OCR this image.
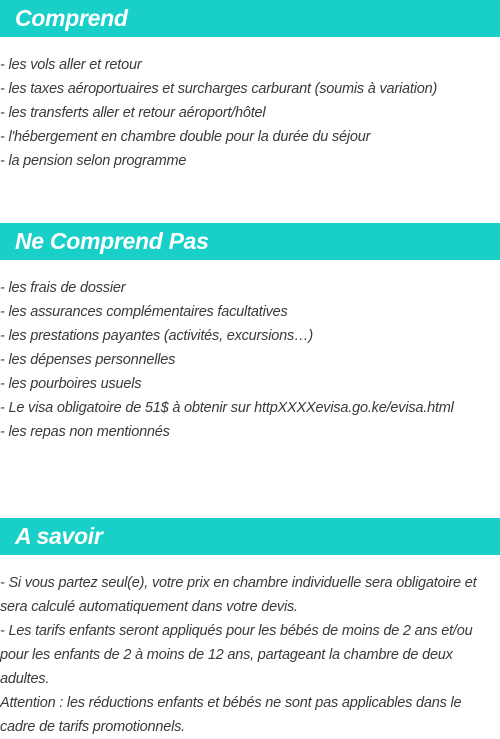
Comprend
- les vols aller et retour
- les taxes aéroportuaires et surcharges carburant (soumis à variation)
- les transferts aller et retour aéroport/hôtel
- l'hébergement en chambre double pour la durée du séjour
- la pension selon programme
Ne Comprend Pas
- les frais de dossier
- les assurances complémentaires facultatives
- les prestations payantes (activités, excursions…)
- les dépenses personnelles
- les pourboires usuels
- Le visa obligatoire de 51$ à obtenir sur httpXXXXevisa.go.ke/evisa.html
- les repas non mentionnés
A savoir

- Si vous partez seul(e), votre prix en chambre individuelle sera obligatoire et sera calculé automatiquement dans votre devis.

- Les tarifs enfants seront appliqués pour les bébés de moins de 2 ans et/ou pour les enfants de 2 à moins de 12 ans, partageant la chambre de deux adultes.

Attention : les réductions enfants et bébés ne sont pas applicables dans le cadre de tarifs promotionnels.
